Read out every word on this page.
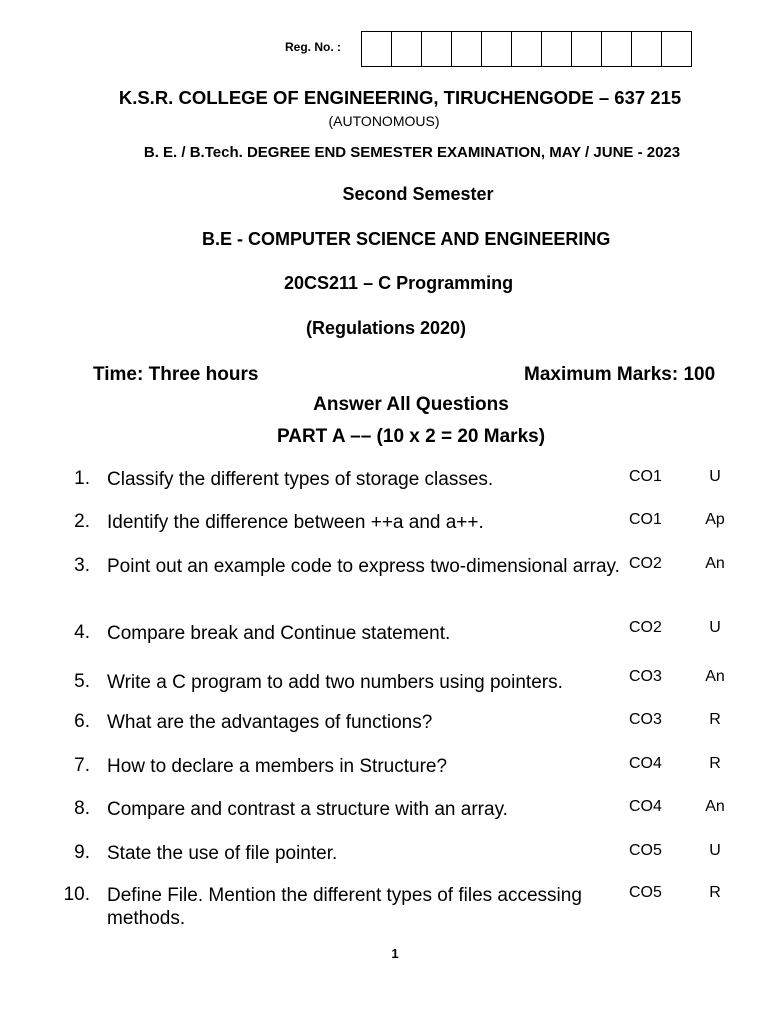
Reg. No. :
K.S.R. COLLEGE OF ENGINEERING, TIRUCHENGODE – 637 215
(AUTONOMOUS)
B. E. / B.Tech. DEGREE END SEMESTER EXAMINATION, MAY / JUNE - 2023
Second Semester
B.E - COMPUTER SCIENCE AND ENGINEERING
20CS211 – C Programming
(Regulations 2020)
Time: Three hours	Maximum Marks: 100
Answer All Questions
PART A –– (10 x 2 = 20 Marks)
1. Classify the different types of storage classes.	CO1	U
2. Identify the difference between ++a and a++.	CO1	Ap
3. Point out an example code to express two-dimensional array. CO2	An
4. Compare break and Continue statement.	CO2	U
5. Write a C program to add two numbers using pointers.	CO3	An
6. What are the advantages of functions?	CO3	R
7. How to declare a members in Structure?	CO4	R
8. Compare and contrast a structure with an array.	CO4	An
9. State the use of file pointer.	CO5	U
10. Define File. Mention the different types of files accessing methods.
CO5	R
1
